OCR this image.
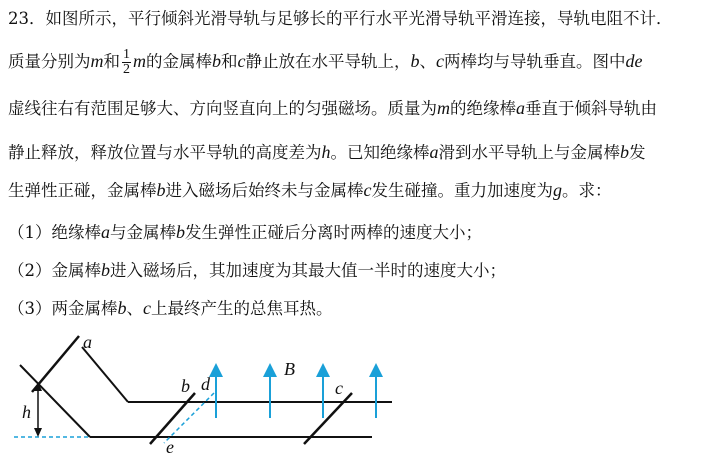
23．如图所示，平行倾斜光滑导轨与足够长的平行水平光滑导轨平滑连接，导轨电阻不计．
质量分别为m和 $\frac{1}{2}$ m的金属棒b和c静止放在水平导轨上，b、c两棒均与导轨垂直。图中de
虚线往右有范围足够大、方向竖直向上的匀强磁场。质量为m的绝缘棒a垂直于倾斜导轨由
静止释放，释放位置与水平导轨的高度差为h。已知绝缘棒a滑到水平导轨上与金属棒b发
生弹性正碰，金属棒b进入磁场后始终未与金属棒c发生碰撞。重力加速度为g。求：
（1）绝缘棒a与金属棒b发生弹性正碰后分离时两棒的速度大小；
（2）金属棒b进入磁场后，其加速度为其最大值一半时的速度大小；
（3）两金属棒b、c上最终产生的总焦耳热。
a
b d
B
c
h
e
